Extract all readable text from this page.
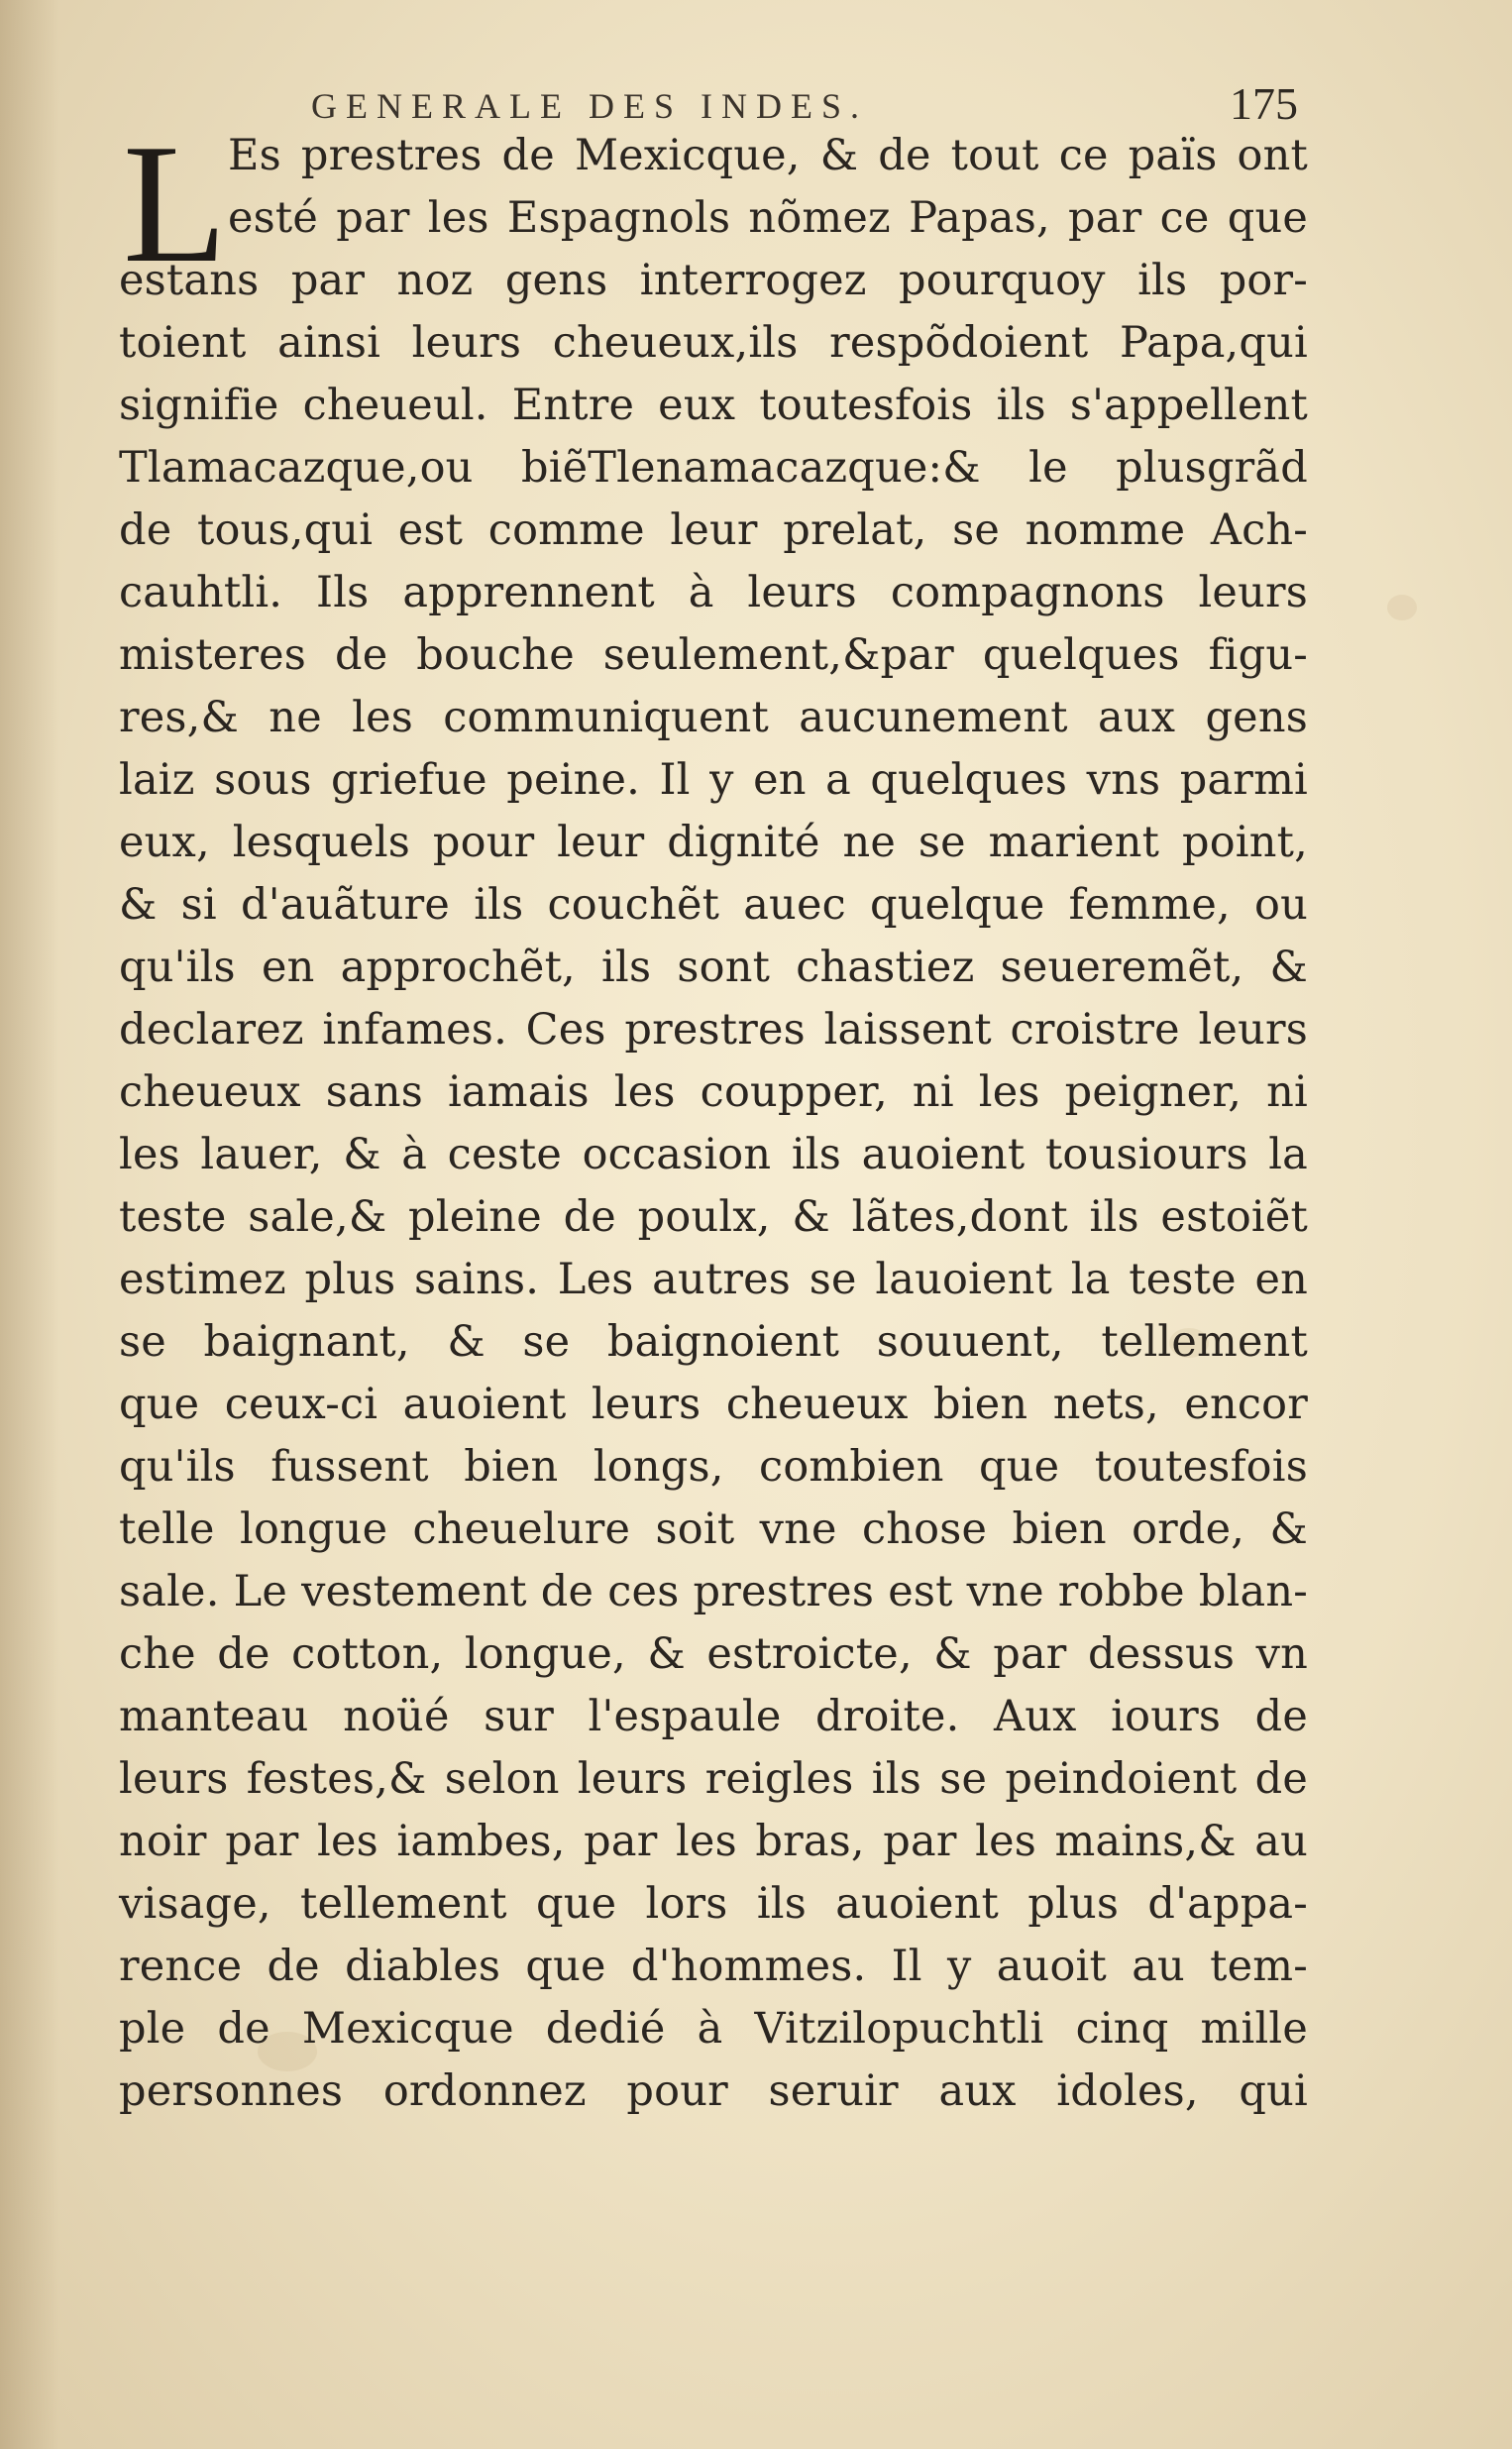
GENERALE DES INDES.	175
L Es prestres de Mexicque, & de tout ce païs ont
esté par les Espagnols nõmez Papas, par ce que
estans par noz gens interrogez pourquoy ils por-
toient ainsi leurs cheueux,ils respõdoient Papa,qui
signifie cheueul. Entre eux toutesfois ils s'appellent
Tlamacazque,ou biẽTlenamacazque:& le plusgrãd
de tous,qui est comme leur prelat, se nomme Ach-
cauhtli. Ils apprennent à leurs compagnons leurs
misteres de bouche seulement,&par quelques figu-
res,& ne les communiquent aucunement aux gens
laiz sous griefue peine. Il y en a quelques vns parmi
eux, lesquels pour leur dignité ne se marient point,
& si d'auãture ils couchẽt auec quelque femme, ou
qu'ils en approchẽt, ils sont chastiez seueremẽt, &
declarez infames. Ces prestres laissent croistre leurs
cheueux sans iamais les coupper, ni les peigner, ni
les lauer, & à ceste occasion ils auoient tousiours la
teste sale,& pleine de poulx, & lãtes,dont ils estoiẽt
estimez plus sains. Les autres se lauoient la teste en
se baignant, & se baignoient souuent, tellement
que ceux-ci auoient leurs cheueux bien nets, encor
qu'ils fussent bien longs, combien que toutesfois
telle longue cheuelure soit vne chose bien orde, &
sale. Le vestement de ces prestres est vne robbe blan-
che de cotton, longue, & estroicte, & par dessus vn
manteau noüé sur l'espaule droite. Aux iours de
leurs festes,& selon leurs reigles ils se peindoient de
noir par les iambes, par les bras, par les mains,& au
visage, tellement que lors ils auoient plus d'appa-
rence de diables que d'hommes. Il y auoit au tem-
ple de Mexicque dedié à Vitzilopuchtli cinq mille
personnes ordonnez pour seruir aux idoles, qui
